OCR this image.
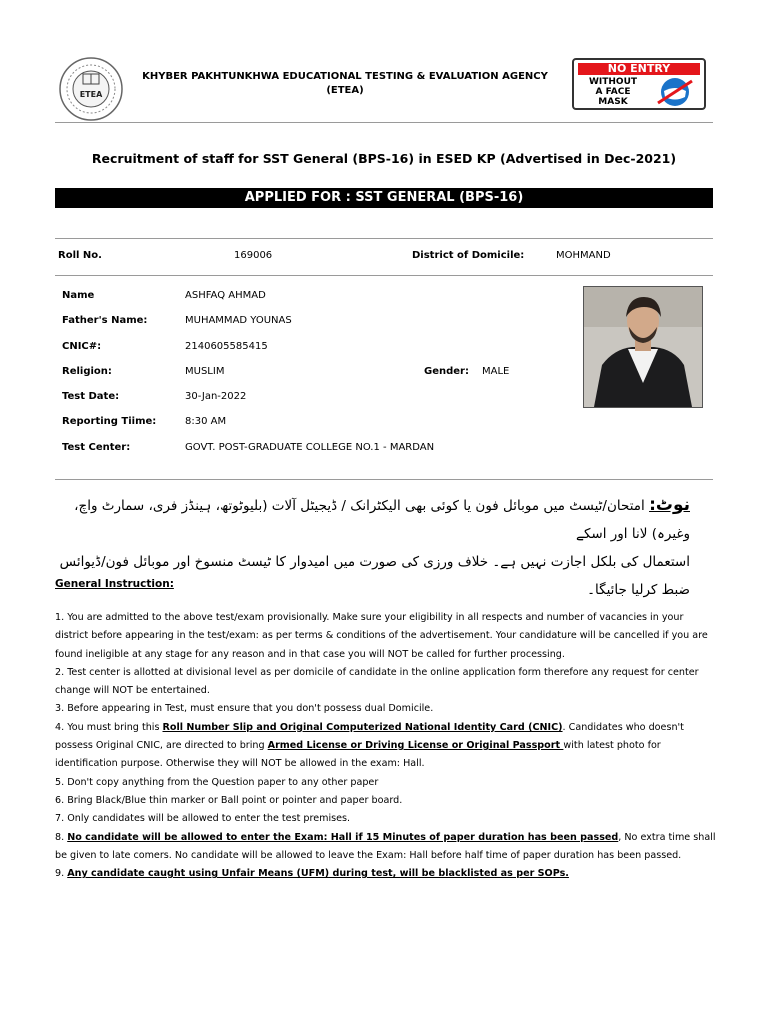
ETEA
KHYBER PAKHTUNKHWA EDUCATIONAL TESTING & EVALUATION AGENCY
(ETEA)
NO ENTRY
WITHOUT
A FACE
MASK
Recruitment of staff for SST General (BPS-16) in ESED KP (Advertised in Dec-2021)
APPLIED FOR : SST GENERAL (BPS-16)
Roll No.	169006	District of Domicile:	MOHMAND
Name	ASHFAQ AHMAD
Father's Name:	MUHAMMAD YOUNAS
CNIC#:	2140605585415
Religion:	MUSLIM	Gender: MALE
Test Date:	30-Jan-2022
Reporting Tiime:	8:30 AM
Test Center:	GOVT. POST-GRADUATE COLLEGE NO.1 - MARDAN
نوٹ: امتحان/ٹیسٹ میں موبائل فون یا کوئی بھی الیکٹرانک / ڈیجیٹل آلات (بلیوٹوتھ، ہینڈز فری، سمارٹ واچ، وغیرہ) لانا اور اسکے
استعمال کی بلکل اجازت نہیں ہے۔ خلاف ورزی کی صورت میں امیدوار کا ٹیسٹ منسوخ اور موبائل فون/ڈیوائس ضبط کرلیا جائیگا۔
General Instruction:

1. You are admitted to the above test/exam provisionally. Make sure your eligibility in all respects and number of vacancies in your district before appearing in the test/exam: as per terms & conditions of the advertisement. Your candidature will be cancelled if you are found ineligible at any stage for any reason and in that case you will NOT be called for further processing.

2. Test center is allotted at divisional level as per domicile of candidate in the online application form therefore any request for center change will NOT be entertained.

3. Before appearing in Test, must ensure that you don't possess dual Domicile.

4. You must bring this Roll Number Slip and Original Computerized National Identity Card (CNIC). Candidates who doesn't possess Original CNIC, are directed to bring Armed License or Driving License or Original Passport with latest photo for identification purpose. Otherwise they will NOT be allowed in the exam: Hall.

5. Don't copy anything from the Question paper to any other paper

6. Bring Black/Blue thin marker or Ball point or pointer and paper board.

7. Only candidates will be allowed to enter the test premises.

8. No candidate will be allowed to enter the Exam: Hall if 15 Minutes of paper duration has been passed, No extra time shall be given to late comers. No candidate will be allowed to leave the Exam: Hall before half time of paper duration has been passed.

9. Any candidate caught using Unfair Means (UFM) during test, will be blacklisted as per SOPs.
